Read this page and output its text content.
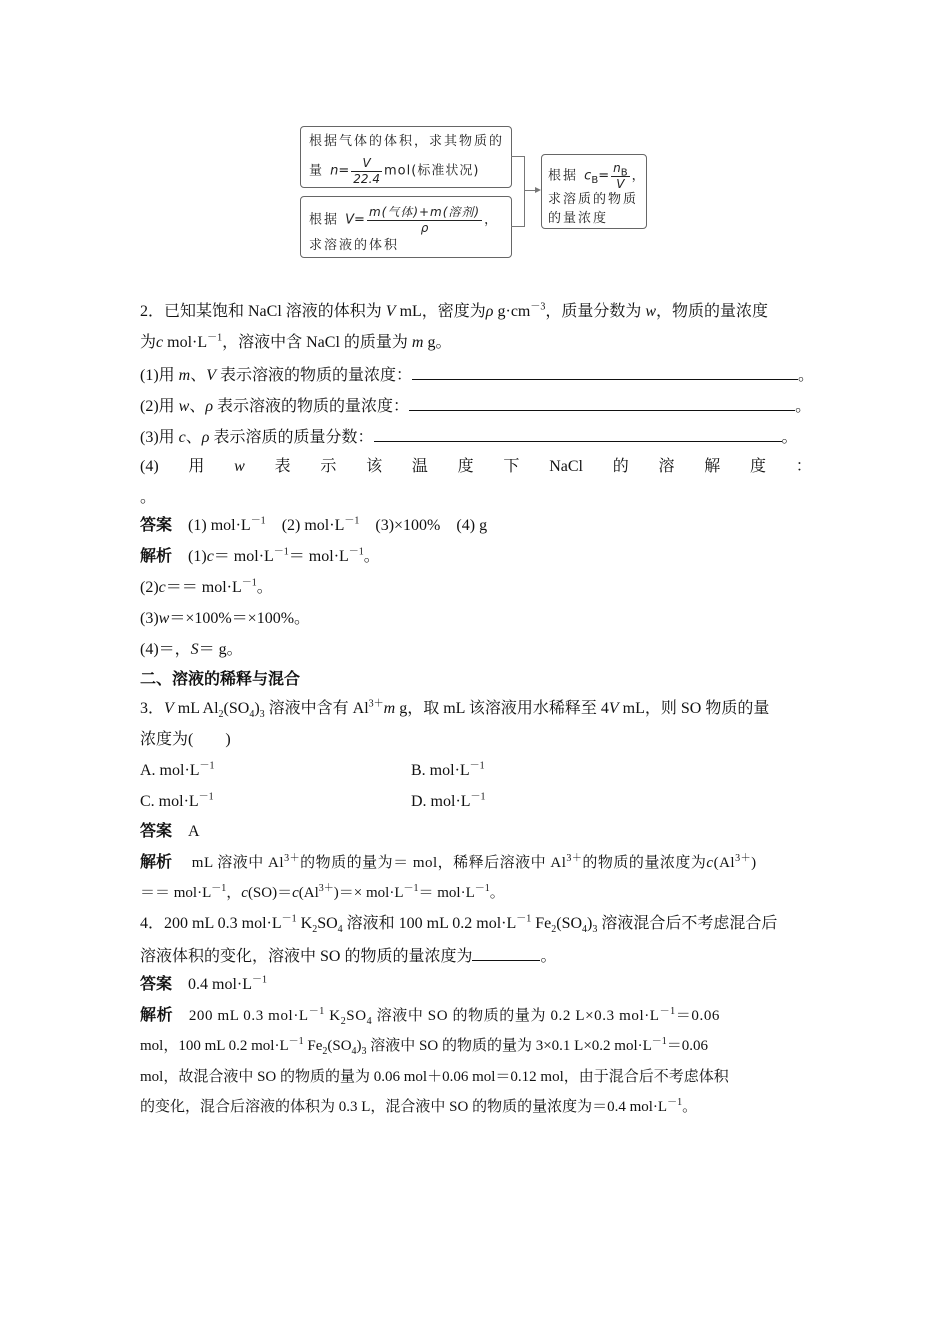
根据气体的体积，求其物质的
量 $n= \frac{V}{22.4} mol$(标准状况)
根据 $V= \frac{\text{m(气体)+m(溶剂)}}{\rho}$ ，
求溶液的体积
根据 $c_B= \frac{n_B}{V}$ ，
求溶质的物质
的量浓度
2．已知某饱和 NaCl 溶液的体积为 V mL，密度为ρ $g\cdot cm^{-3}$，质量分数为 w，物质的量浓度
为c $mol\cdot L^{-1}$，溶液中含 NaCl 的质量为 m g。
(1)用 m、V 表示溶液的物质的量浓度：	。
(2)用 w、ρ 表示溶液的物质的量浓度：	。
(3)用 c、ρ 表示溶质的质量分数：	。
(4) 用 w 表 示 该 温 度 下 NaCl 的 溶 解 度 ：
。
答案　 (1) $mol\cdot L^{-1}$　 (2) $mol\cdot L^{-1}$　 (3)×100%　 (4) g
解析　 $(1)c= mol\cdot L^{-1}= mol\cdot L^{-1}$。
$(2)c== mol\cdot L^{-1}$。
(3)w＝×100%＝×100%。
(4)＝，S＝ g。
二、溶液的稀释与混合
3．V mL $Al_2(SO_4)_3$ 溶液中含有 $Al^{3+}m$ g，取 mL 该溶液用水稀释至 4V mL，则 SO 物质的量
浓度为(　　)
A. $mol\cdot L^{-1}$	B. $mol\cdot L^{-1}$
C. $mol\cdot L^{-1}$	D. $mol\cdot L^{-1}$
答案　 A
解析　 mL 溶液中 $Al^{3+}$的物质的量为＝ mol，稀释后溶液中 $Al^{3+}$的物质的量浓度为$c(Al^{3+})$
＝＝ $mol\cdot L^{-1}$，$c(SO)=c(Al^{3+})=\times mol\cdot L^{-1}= mol\cdot L^{-1}$。
4．200 mL 0.3 $mol\cdot L^{-1}$ $K_2SO_4$ 溶液和 100 mL 0.2 $mol\cdot L^{-1}$ $Fe_2(SO_4)_3$ 溶液混合后不考虑混合后
溶液体积的变化，溶液中 SO 的物质的量浓度为	。
答案　 0.4 $mol\cdot L^{-1}$
解析　 200 mL 0.3 $mol\cdot L^{-1}$ $K_2SO_4$ 溶液中 SO 的物质的量为 0.2 L×0.3 $mol\cdot L^{-1}=0.06$
mol，100 mL 0.2 $mol\cdot L^{-1}$ $Fe_2(SO_4)_3$ 溶液中 SO 的物质的量为 3×0.1 L×0.2 $mol\cdot L^{-1}=0.06$
mol，故混合液中 SO 的物质的量为 0.06 mol＋0.06 mol＝0.12 mol，由于混合后不考虑体积
的变化，混合后溶液的体积为 0.3 L，混合液中 SO 的物质的量浓度为＝0.4 $mol\cdot L^{-1}$。
